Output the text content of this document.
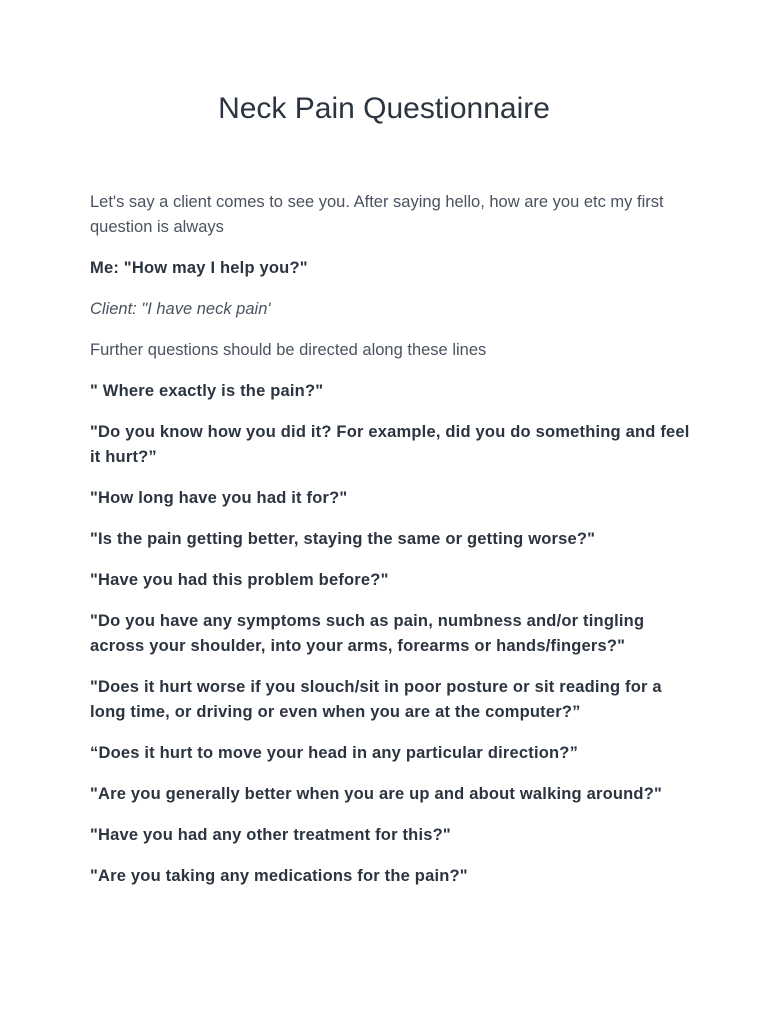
Neck Pain Questionnaire

Let's say a client comes to see you. After saying hello, how are you etc my first question is always

Me: "How may I help you?"

Client: "I have neck pain'

Further questions should be directed along these lines

" Where exactly is the pain?"

"Do you know how you did it? For example, did you do something and feel it hurt?”

"How long have you had it for?"

"Is the pain getting better, staying the same or getting worse?"

"Have you had this problem before?"

"Do you have any symptoms such as pain, numbness and/or tingling across your shoulder, into your arms, forearms or hands/fingers?"

"Does it hurt worse if you slouch/sit in poor posture or sit reading for a long time, or driving or even when you are at the computer?”

“Does it hurt to move your head in any particular direction?”

"Are you generally better when you are up and about walking around?"

"Have you had any other treatment for this?"

"Are you taking any medications for the pain?"
